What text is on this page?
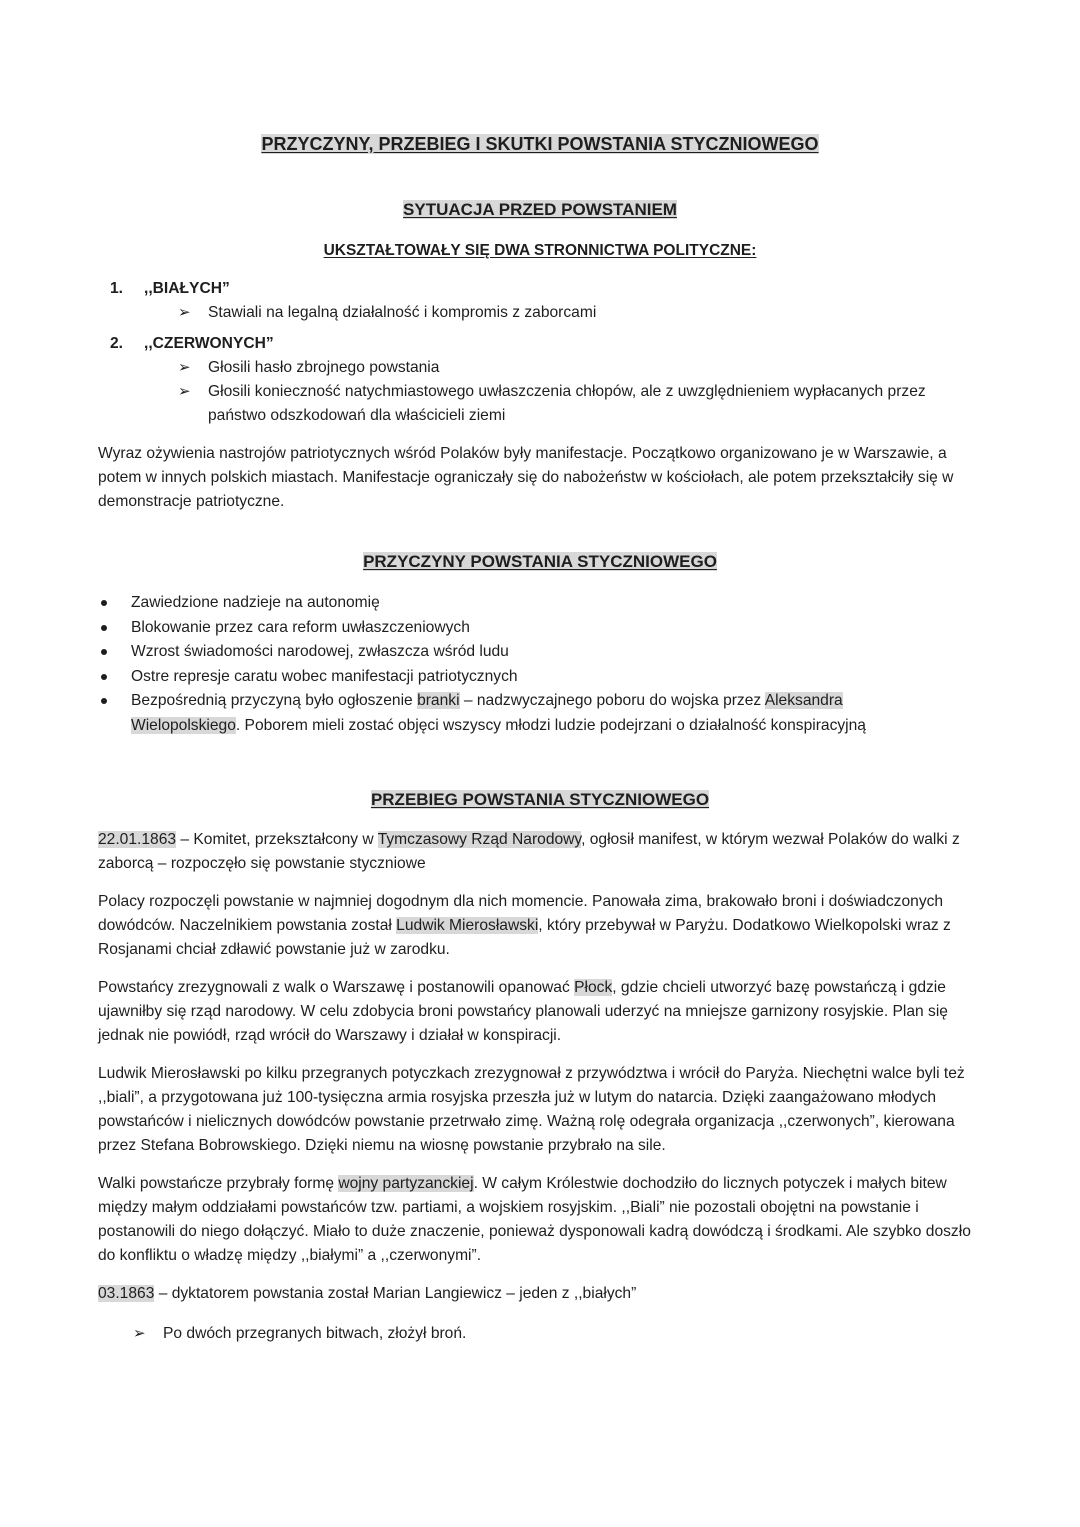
PRZYCZYNY, PRZEBIEG I SKUTKI POWSTANIA STYCZNIOWEGO
SYTUACJA PRZED POWSTANIEM
UKSZTAŁTOWAŁY SIĘ DWA STRONNICTWA POLITYCZNE:
1. ,,BIAŁYCH”
➢ Stawiali na legalną działalność i kompromis z zaborcami
2. ,,CZERWONYCH”
➢ Głosili hasło zbrojnego powstania
➢ Głosili konieczność natychmiastowego uwłaszczenia chłopów, ale z uwzględnieniem wypłacanych przez państwo odszkodowań dla właścicieli ziemi

Wyraz ożywienia nastrojów patriotycznych wśród Polaków były manifestacje. Początkowo organizowano je w Warszawie, a potem w innych polskich miastach. Manifestacje ograniczały się do nabożeństw w kościołach, ale potem przekształciły się w demonstracje patriotyczne.

PRZYCZYNY POWSTANIA STYCZNIOWEGO
Zawiedzione nadzieje na autonomię
Blokowanie przez cara reform uwłaszczeniowych
Wzrost świadomości narodowej, zwłaszcza wśród ludu
Ostre represje caratu wobec manifestacji patriotycznych
Bezpośrednią przyczyną było ogłoszenie branki – nadzwyczajnego poboru do wojska przez Aleksandra Wielopolskiego. Poborem mieli zostać objęci wszyscy młodzi ludzie podejrzani o działalność konspiracyjną
PRZEBIEG POWSTANIA STYCZNIOWEGO

22.01.1863 – Komitet, przekształcony w Tymczasowy Rząd Narodowy, ogłosił manifest, w którym wezwał Polaków do walki z zaborcą – rozpoczęło się powstanie styczniowe

Polacy rozpoczęli powstanie w najmniej dogodnym dla nich momencie. Panowała zima, brakowało broni i doświadczonych dowódców. Naczelnikiem powstania został Ludwik Mierosławski, który przebywał w Paryżu. Dodatkowo Wielkopolski wraz z Rosjanami chciał zdławić powstanie już w zarodku.

Powstańcy zrezygnowali z walk o Warszawę i postanowili opanować Płock, gdzie chcieli utworzyć bazę powstańczą i gdzie ujawniłby się rząd narodowy. W celu zdobycia broni powstańcy planowali uderzyć na mniejsze garnizony rosyjskie. Plan się jednak nie powiódł, rząd wrócił do Warszawy i działał w konspiracji.

Ludwik Mierosławski po kilku przegranych potyczkach zrezygnował z przywództwa i wrócił do Paryża. Niechętni walce byli też ,,biali”, a przygotowana już 100-tysięczna armia rosyjska przeszła już w lutym do natarcia. Dzięki zaangażowano młodych powstańców i nielicznych dowódców powstanie przetrwało zimę. Ważną rolę odegrała organizacja ,,czerwonych”, kierowana przez Stefana Bobrowskiego. Dzięki niemu na wiosnę powstanie przybrało na sile.

Walki powstańcze przybrały formę wojny partyzanckiej. W całym Królestwie dochodziło do licznych potyczek i małych bitew między małym oddziałami powstańców tzw. partiami, a wojskiem rosyjskim. ,,Biali” nie pozostali obojętni na powstanie i postanowili do niego dołączyć. Miało to duże znaczenie, ponieważ dysponowali kadrą dowódczą i środkami. Ale szybko doszło do konfliktu o władzę między ,,białymi” a ,,czerwonymi”.

03.1863 – dyktatorem powstania został Marian Langiewicz – jeden z ,,białych”

➢ Po dwóch przegranych bitwach, złożył broń.
